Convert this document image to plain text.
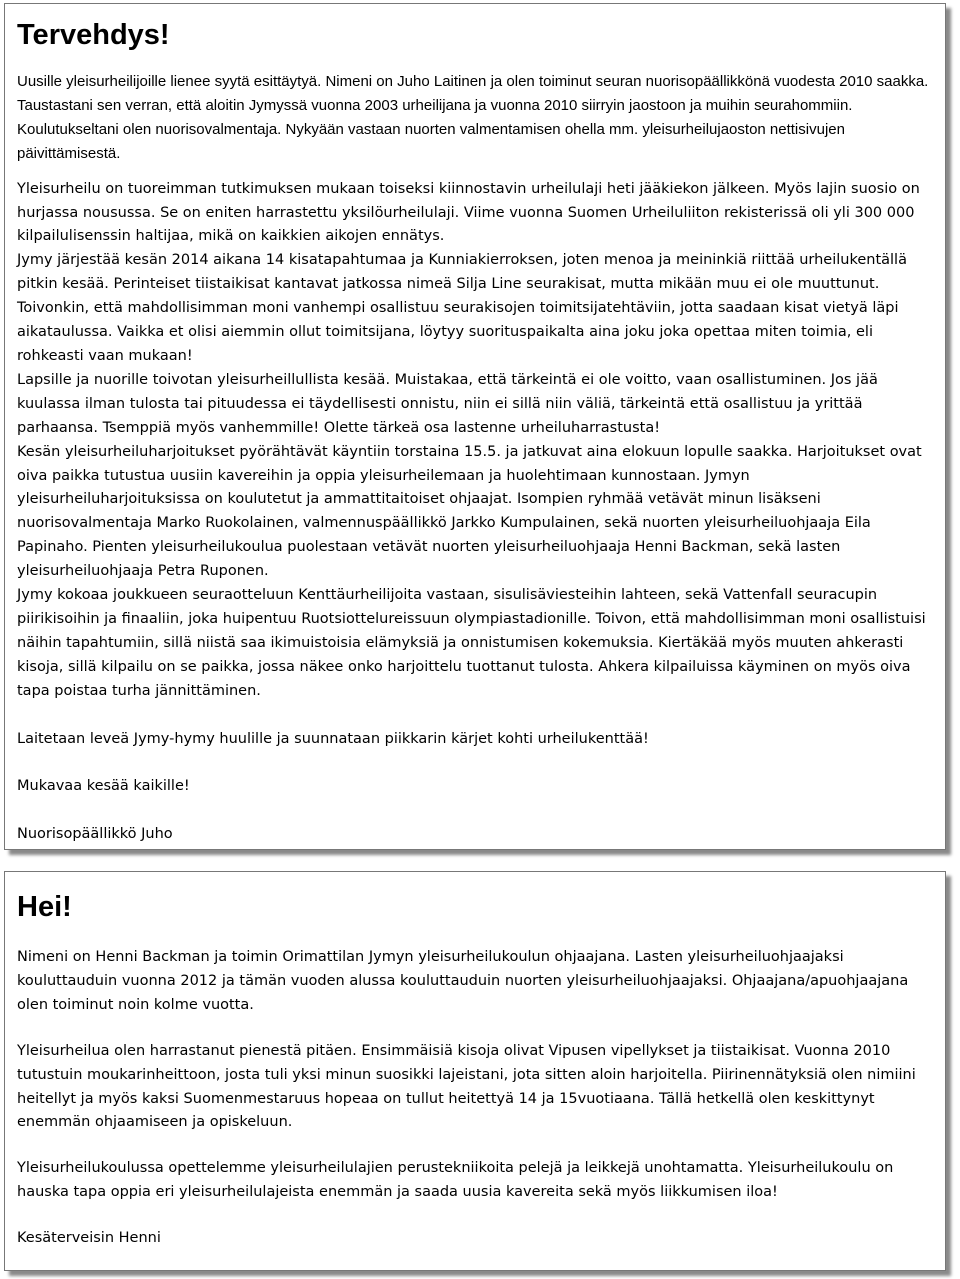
Tervehdys!

Uusille yleisurheilijoille lienee syytä esittäytyä. Nimeni on Juho Laitinen ja olen toiminut seuran nuorisopäällikkönä vuodesta 2010 saakka. Taustastani sen verran, että aloitin Jymyssä vuonna 2003 urheilijana ja vuonna 2010 siirryin jaostoon ja muihin seurahommiin. Koulutukseltani olen nuorisovalmentaja. Nykyään vastaan nuorten valmentamisen ohella mm. yleisurheilujaoston nettisivujen päivittämisestä.

Yleisurheilu on tuoreimman tutkimuksen mukaan toiseksi kiinnostavin urheilulaji heti jääkiekon jälkeen. Myös lajin suosio on hurjassa nousussa. Se on eniten harrastettu yksilöurheilulaji. Viime vuonna Suomen Urheiluliiton rekisterissä oli yli 300 000 kilpailulisenssin haltijaa, mikä on kaikkien aikojen ennätys.

Jymy järjestää kesän 2014 aikana 14 kisatapahtumaa ja Kunniakierroksen, joten menoa ja meininkiä riittää urheilukentällä pitkin kesää. Perinteiset tiistaikisat kantavat jatkossa nimeä Silja Line seurakisat, mutta mikään muu ei ole muuttunut.

Toivonkin, että mahdollisimman moni vanhempi osallistuu seurakisojen toimitsijatehtäviin, jotta saadaan kisat vietyä läpi aikataulussa. Vaikka et olisi aiemmin ollut toimitsijana, löytyy suorituspaikalta aina joku joka opettaa miten toimia, eli rohkeasti vaan mukaan!

Lapsille ja nuorille toivotan yleisurheillullista kesää. Muistakaa, että tärkeintä ei ole voitto, vaan osallistuminen. Jos jää kuulassa ilman tulosta tai pituudessa ei täydellisesti onnistu, niin ei sillä niin väliä, tärkeintä että osallistuu ja yrittää parhaansa. Tsemppiä myös vanhemmille! Olette tärkeä osa lastenne urheiluharrastusta!

Kesän yleisurheiluharjoitukset pyörähtävät käyntiin torstaina 15.5. ja jatkuvat aina elokuun lopulle saakka. Harjoitukset ovat oiva paikka tutustua uusiin kavereihin ja oppia yleisurheilemaan ja huolehtimaan kunnostaan. Jymyn yleisurheiluharjoituksissa on koulutetut ja ammattitaitoiset ohjaajat. Isompien ryhmää vetävät minun lisäkseni nuorisovalmentaja Marko Ruokolainen, valmennuspäällikkö Jarkko Kumpulainen, sekä nuorten yleisurheiluohjaaja Eila Papinaho. Pienten yleisurheilukoulua puolestaan vetävät nuorten yleisurheiluohjaaja Henni Backman, sekä lasten yleisurheiluohjaaja Petra Ruponen.

Jymy kokoaa joukkueen seuraotteluun Kenttäurheilijoita vastaan, sisulisäviesteihin lahteen, sekä Vattenfall seuracupin piirikisoihin ja finaaliin, joka huipentuu Ruotsiottelureissuun olympiastadionille. Toivon, että mahdollisimman moni osallistuisi näihin tapahtumiin, sillä niistä saa ikimuistoisia elämyksiä ja onnistumisen kokemuksia. Kiertäkää myös muuten ahkerasti kisoja, sillä kilpailu on se paikka, jossa näkee onko harjoittelu tuottanut tulosta. Ahkera kilpailuissa käyminen on myös oiva tapa poistaa turha jännittäminen.

Laitetaan leveä Jymy-hymy huulille ja suunnataan piikkarin kärjet kohti urheilukenttää!

Mukavaa kesää kaikille!

Nuorisopäällikkö Juho

Hei!

Nimeni on Henni Backman ja toimin Orimattilan Jymyn yleisurheilukoulun ohjaajana. Lasten yleisurheiluohjaajaksi kouluttauduin vuonna 2012 ja tämän vuoden alussa kouluttauduin nuorten yleisurheiluohjaajaksi. Ohjaajana/apuohjaajana olen toiminut noin kolme vuotta.

Yleisurheilua olen harrastanut pienestä pitäen. Ensimmäisiä kisoja olivat Vipusen vipellykset ja tiistaikisat. Vuonna 2010 tutustuin moukarinheittoon, josta tuli yksi minun suosikki lajeistani, jota sitten aloin harjoitella. Piirinennätyksiä olen nimiini heitellyt ja myös kaksi Suomenmestaruus hopeaa on tullut heitettyä 14 ja 15vuotiaana. Tällä hetkellä olen keskittynyt enemmän ohjaamiseen ja opiskeluun.

Yleisurheilukoulussa opettelemme yleisurheilulajien perustekniikoita pelejä ja leikkejä unohtamatta. Yleisurheilukoulu on hauska tapa oppia eri yleisurheilulajeista enemmän ja saada uusia kavereita sekä myös liikkumisen iloa!

Kesäterveisin Henni
